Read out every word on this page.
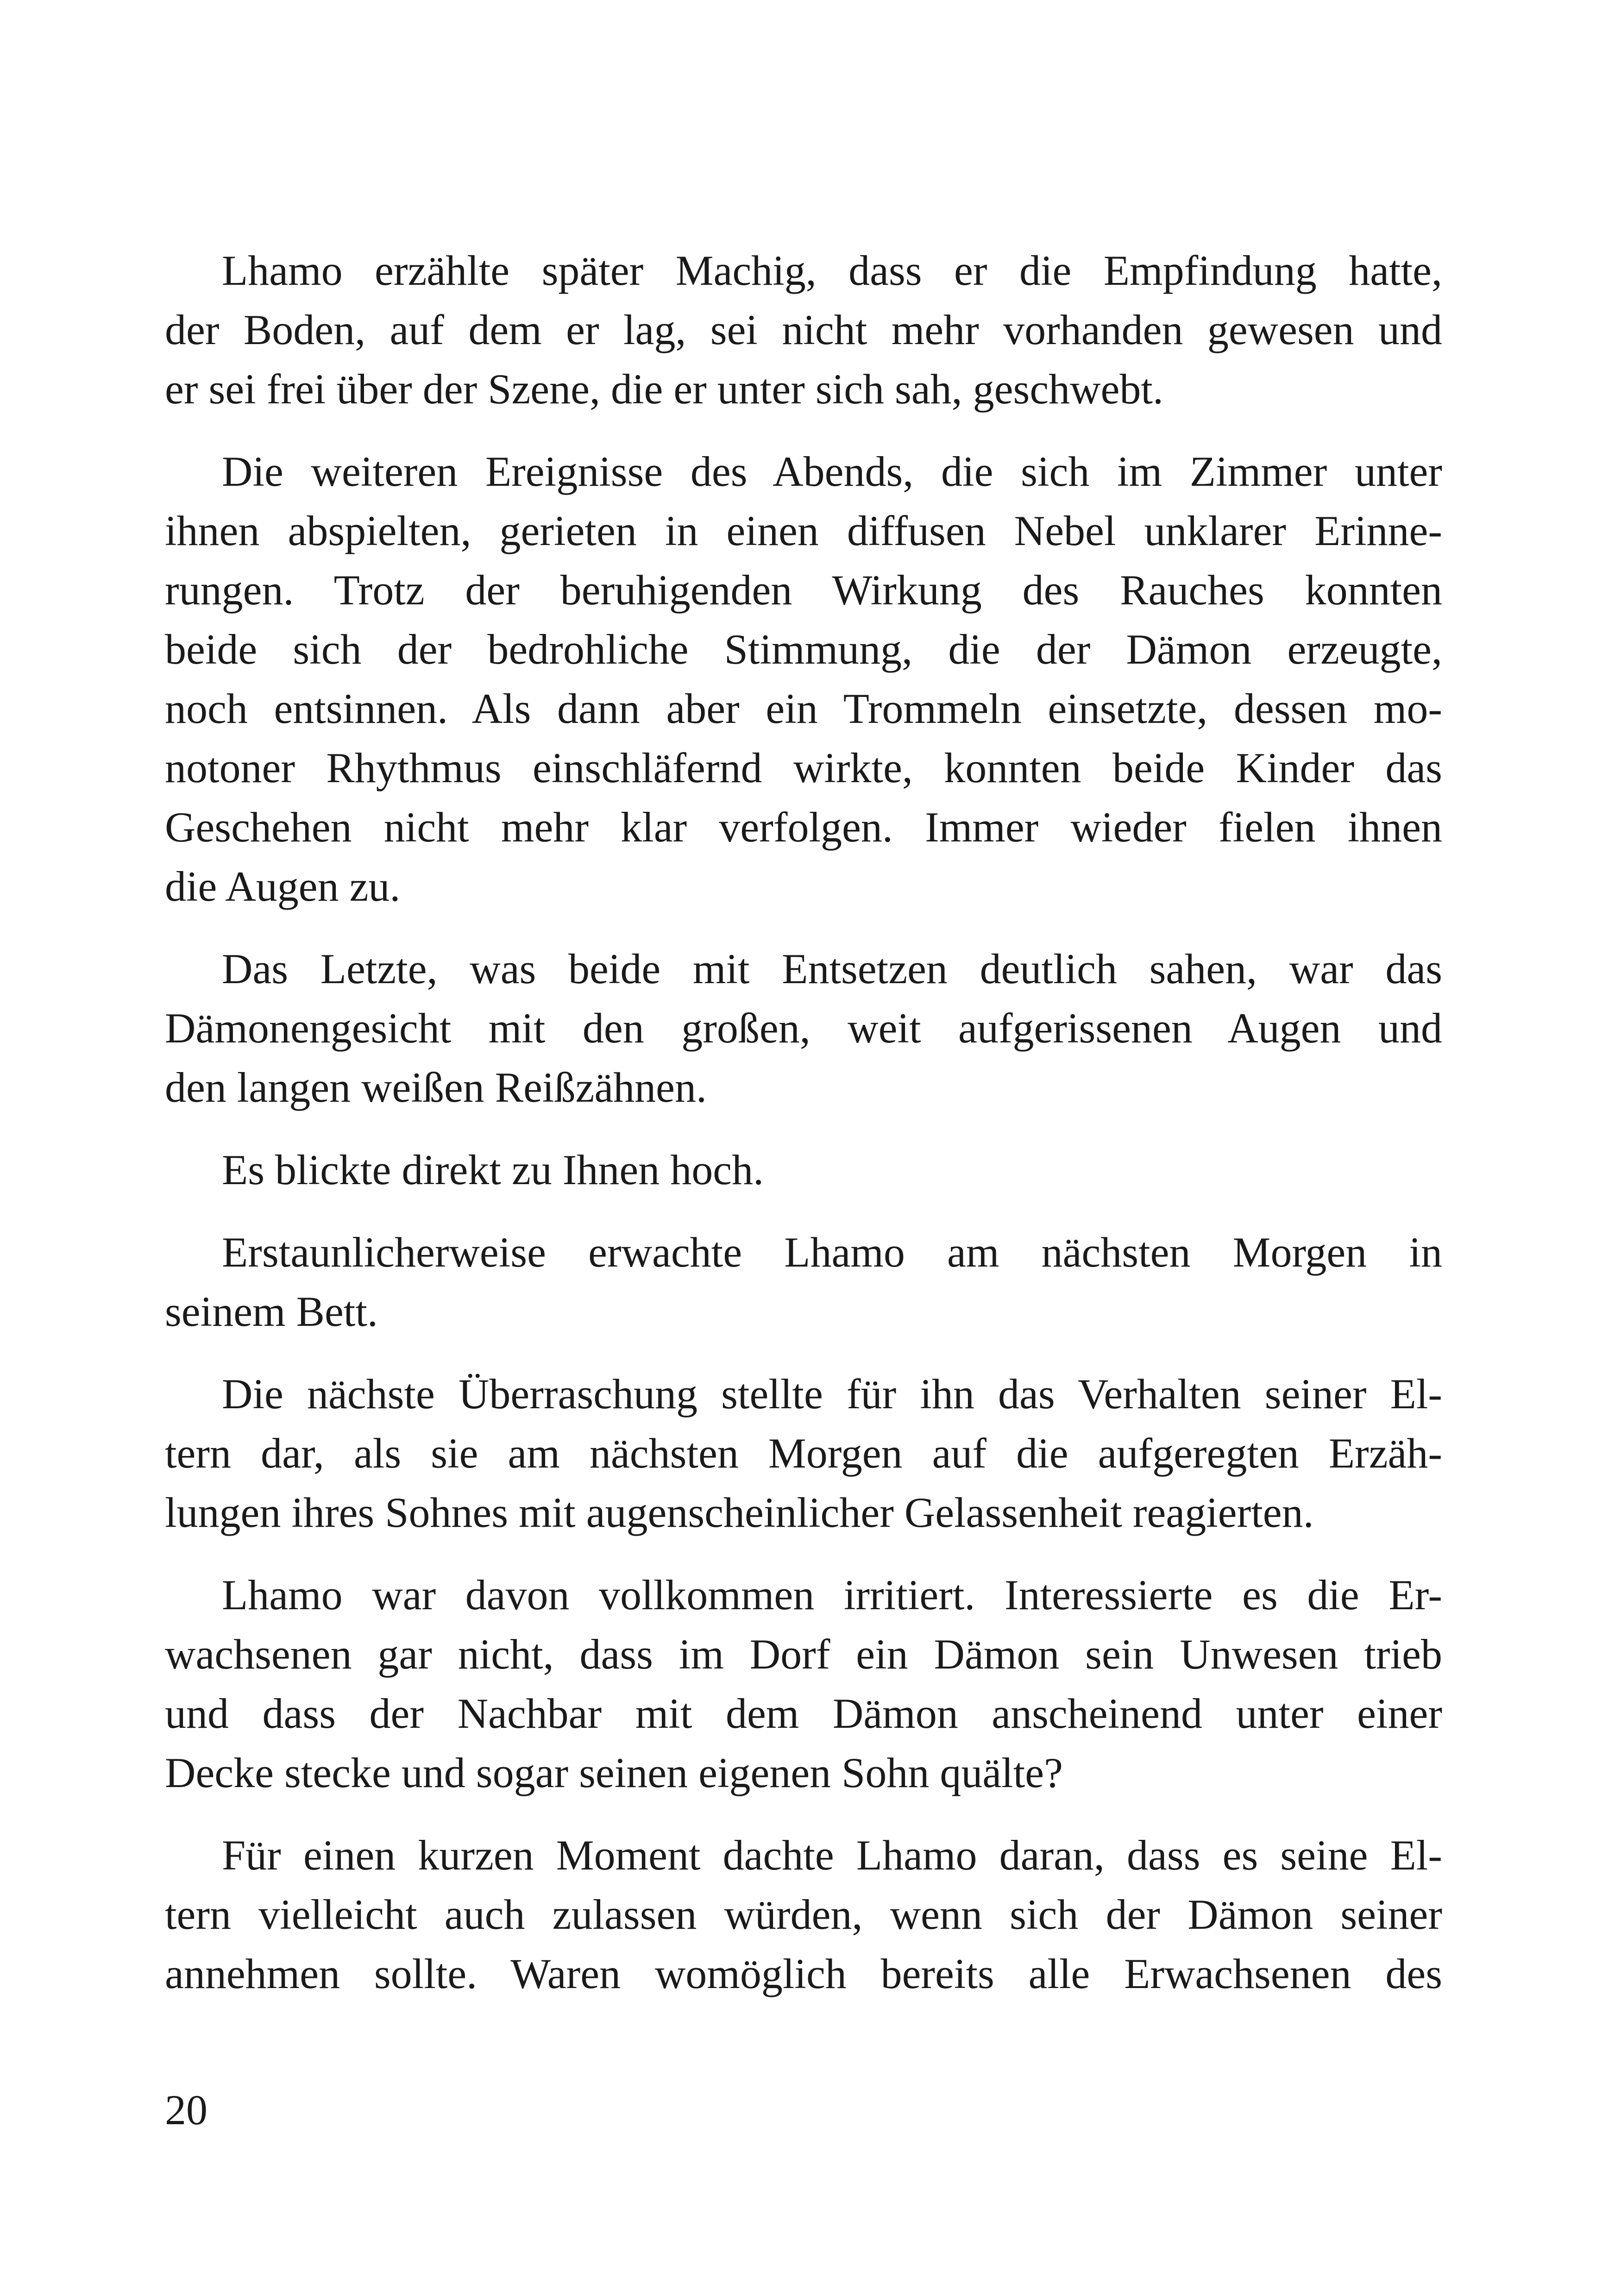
Lhamo erzählte später Machig, dass er die Empfindung hatte,
der Boden, auf dem er lag, sei nicht mehr vorhanden gewesen und
er sei frei über der Szene, die er unter sich sah, geschwebt.
Die weiteren Ereignisse des Abends, die sich im Zimmer unter
ihnen abspielten, gerieten in einen diffusen Nebel unklarer Erinne-
rungen. Trotz der beruhigenden Wirkung des Rauches konnten
beide sich der bedrohliche Stimmung, die der Dämon erzeugte,
noch entsinnen. Als dann aber ein Trommeln einsetzte, dessen mo-
notoner Rhythmus einschläfernd wirkte, konnten beide Kinder das
Geschehen nicht mehr klar verfolgen. Immer wieder fielen ihnen
die Augen zu.
Das Letzte, was beide mit Entsetzen deutlich sahen, war das
Dämonengesicht mit den großen, weit aufgerissenen Augen und
den langen weißen Reißzähnen.
Es blickte direkt zu Ihnen hoch.
Erstaunlicherweise erwachte Lhamo am nächsten Morgen in
seinem Bett.
Die nächste Überraschung stellte für ihn das Verhalten seiner El-
tern dar, als sie am nächsten Morgen auf die aufgeregten Erzäh-
lungen ihres Sohnes mit augenscheinlicher Gelassenheit reagierten.
Lhamo war davon vollkommen irritiert. Interessierte es die Er-
wachsenen gar nicht, dass im Dorf ein Dämon sein Unwesen trieb
und dass der Nachbar mit dem Dämon anscheinend unter einer
Decke stecke und sogar seinen eigenen Sohn quälte?
Für einen kurzen Moment dachte Lhamo daran, dass es seine El-
tern vielleicht auch zulassen würden, wenn sich der Dämon seiner
annehmen sollte. Waren womöglich bereits alle Erwachsenen des
20
